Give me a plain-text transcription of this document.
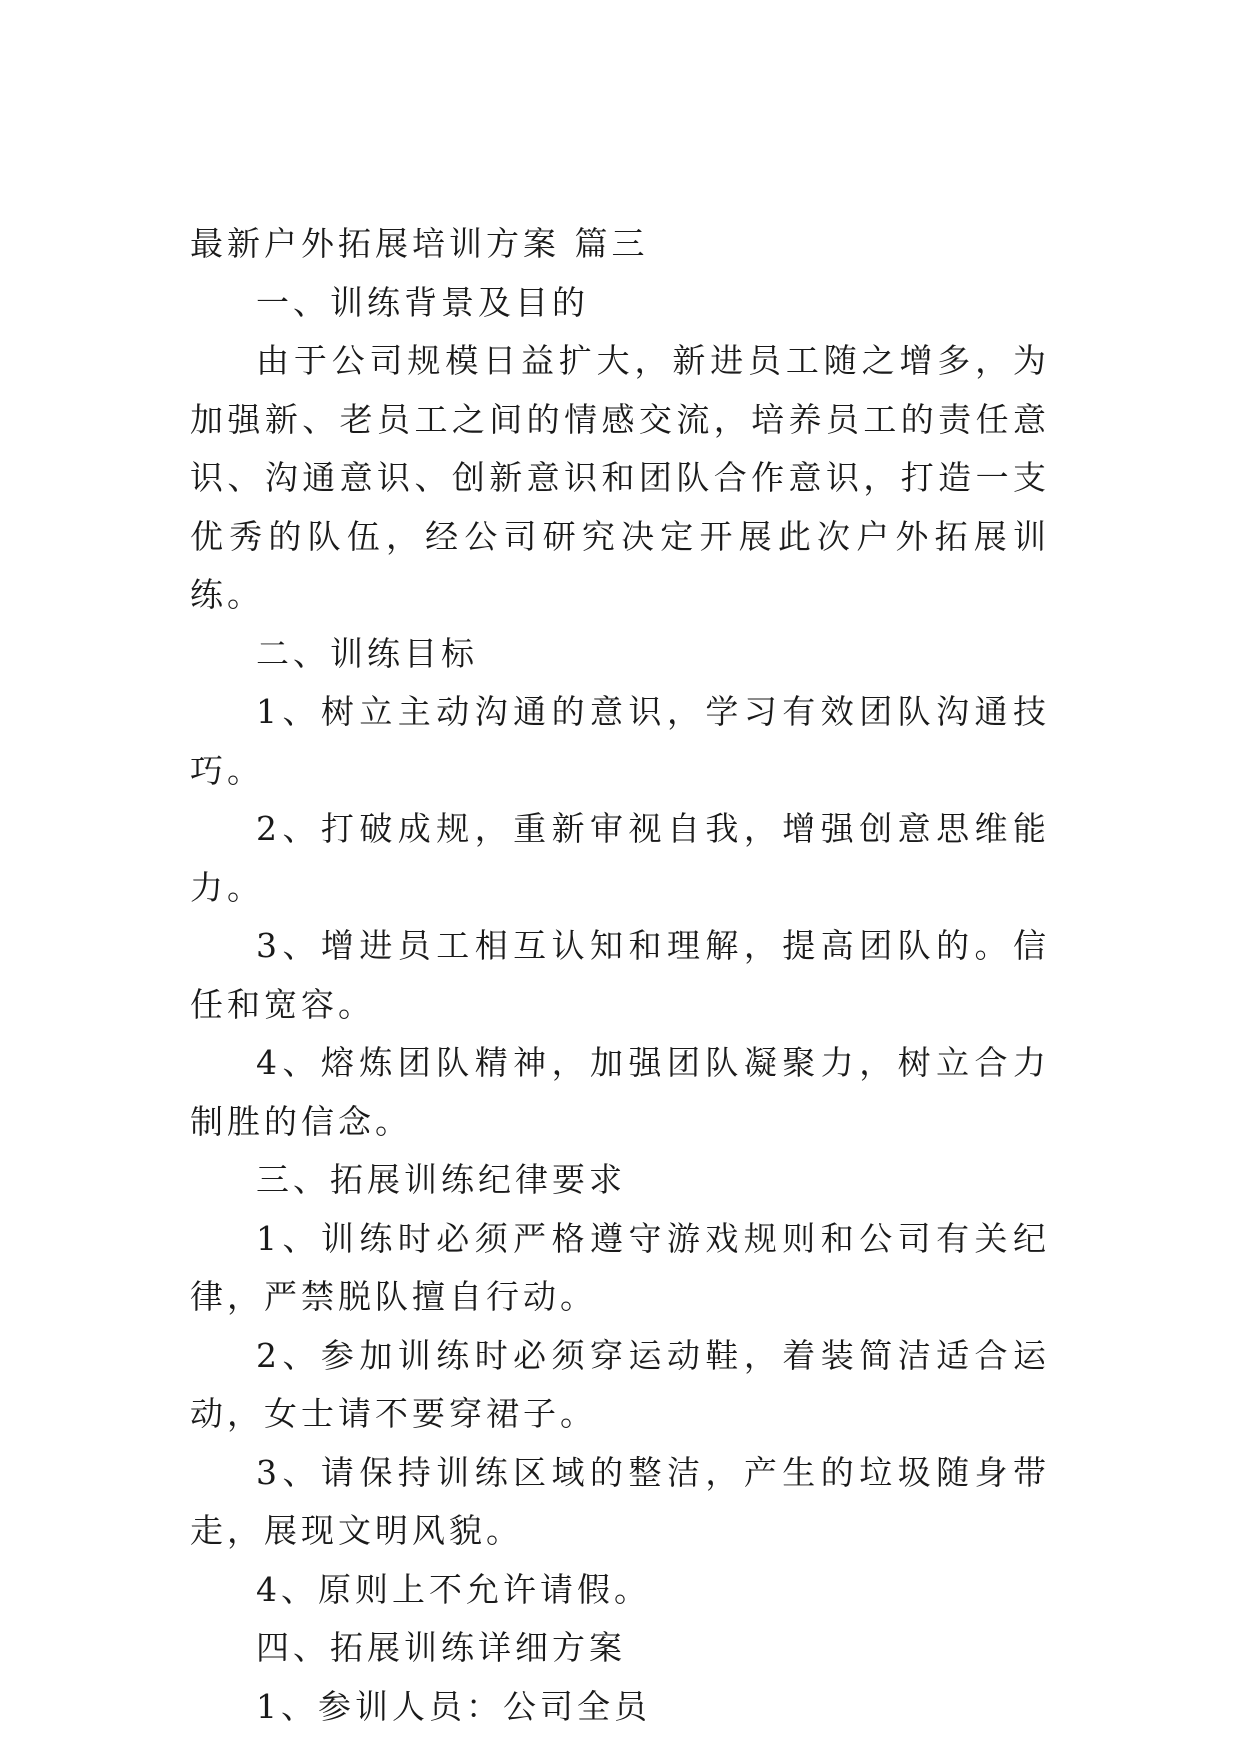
最新户外拓展培训方案 篇三

一、训练背景及目的

由于公司规模日益扩大，新进员工随之增多，为加强新、老员工之间的情感交流，培养员工的责任意识、沟通意识、创新意识和团队合作意识，打造一支优秀的队伍，经公司研究决定开展此次户外拓展训练。

二、训练目标

1、树立主动沟通的意识，学习有效团队沟通技巧。

2、打破成规，重新审视自我，增强创意思维能力。

3、增进员工相互认知和理解，提高团队的。信任和宽容。

4、熔炼团队精神，加强团队凝聚力，树立合力制胜的信念。

三、拓展训练纪律要求

1、训练时必须严格遵守游戏规则和公司有关纪律，严禁脱队擅自行动。

2、参加训练时必须穿运动鞋，着装简洁适合运动，女士请不要穿裙子。

3、请保持训练区域的整洁，产生的垃圾随身带走，展现文明风貌。

4、原则上不允许请假。

四、拓展训练详细方案

1、参训人员：公司全员
